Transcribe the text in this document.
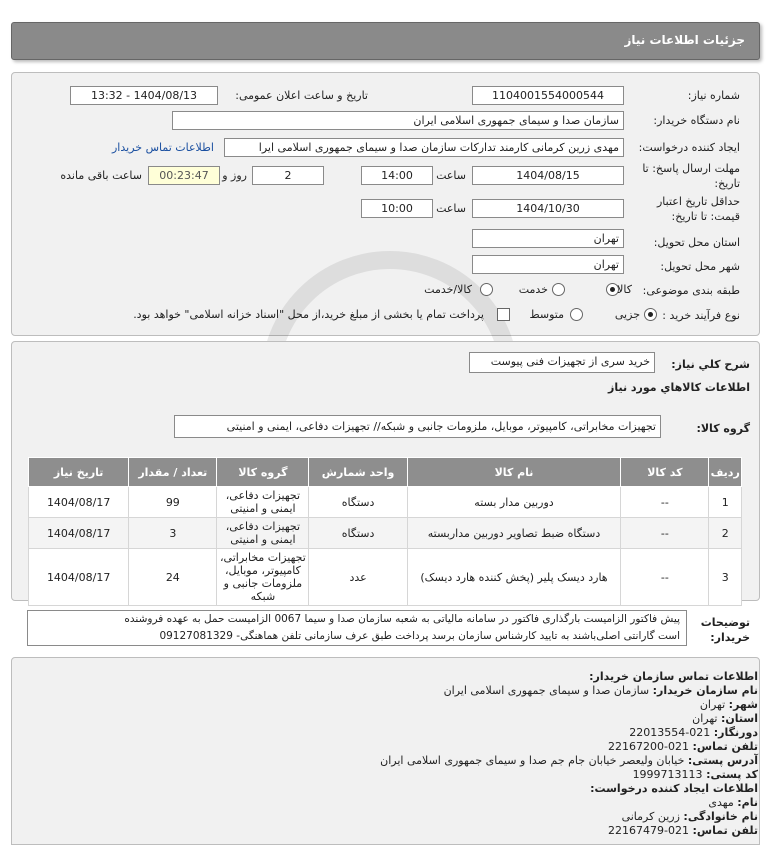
جزئیات اطلاعات نیاز
شماره نیاز:
1104001554000544
تاریخ و ساعت اعلان عمومی:
1404/08/13 - 13:32
نام دستگاه خریدار:
سازمان صدا و سیمای جمهوری اسلامی ایران
ایجاد کننده درخواست:
مهدی زرین کرمانی کارمند تدارکات سازمان صدا و سیمای جمهوری اسلامی ایرا
اطلاعات تماس خریدار
مهلت ارسال پاسخ: تا
تاریخ:
1404/08/15
ساعت
14:00
2
روز و
00:23:47
ساعت باقی مانده
حداقل تاریخ اعتبار
قیمت: تا تاریخ:
1404/10/30
ساعت
10:00
استان محل تحویل:
تهران
شهر محل تحویل:
تهران
طبقه بندی موضوعی:
کالا
خدمت
کالا/خدمت
نوع فرآیند خرید :
جزیی
متوسط
پرداخت تمام یا بخشی از مبلغ خرید،از محل "اسناد خزانه اسلامی" خواهد بود.
شرح کلي نياز:
خرید سری از تجهیزات فنی پیوست
اطلاعات کالاهاي مورد نياز
گروه کالا:
تجهیزات مخابراتی، کامپیوتر، موبایل، ملزومات جانبی و شبکه// تجهیزات دفاعی، ایمنی و امنیتی
ردیف	کد کالا	نام کالا	واحد شمارش	گروه کالا	تعداد / مقدار	تاریخ نیاز
1	--	دوربین مدار بسته	دستگاه	تجهیزات دفاعی، ایمنی و امنیتی	99	1404/08/17
2	--	دستگاه ضبط تصاویر دوربین مداربسته	دستگاه	تجهیزات دفاعی، ایمنی و امنیتی	3	1404/08/17
3	--	هارد دیسک پلیر (پخش کننده هارد دیسک)	عدد	تجهیزات مخابراتی، کامپیوتر، موبایل، ملزومات جانبی و شبکه	24	1404/08/17
توضیحات
خریدار:
پیش فاکتور الزامیست بارگذاری فاکتور در سامانه مالیاتی به شعبه سازمان صدا و سیما 0067 الزامیست حمل به عهده فروشنده
است گارانتی اصلی‌باشند به تایید کارشناس سازمان برسد پرداخت طبق عرف سازمانی تلفن هماهنگی- 09127081329
اطلاعات تماس سازمان خریدار:
نام سازمان خریدار: سازمان صدا و سیمای جمهوری اسلامی ایران
شهر: تهران
استان: تهران
دورنگار: 021-22013554
تلفن تماس: 021-22167200
آدرس پستی: خیابان ولیعصر خیابان جام جم صدا و سیمای جمهوری اسلامی ایران
کد پستی: 1999713113
اطلاعات ایجاد کننده درخواست:
نام: مهدی
نام خانوادگی: زرین کرمانی
تلفن تماس: 021-22167479
